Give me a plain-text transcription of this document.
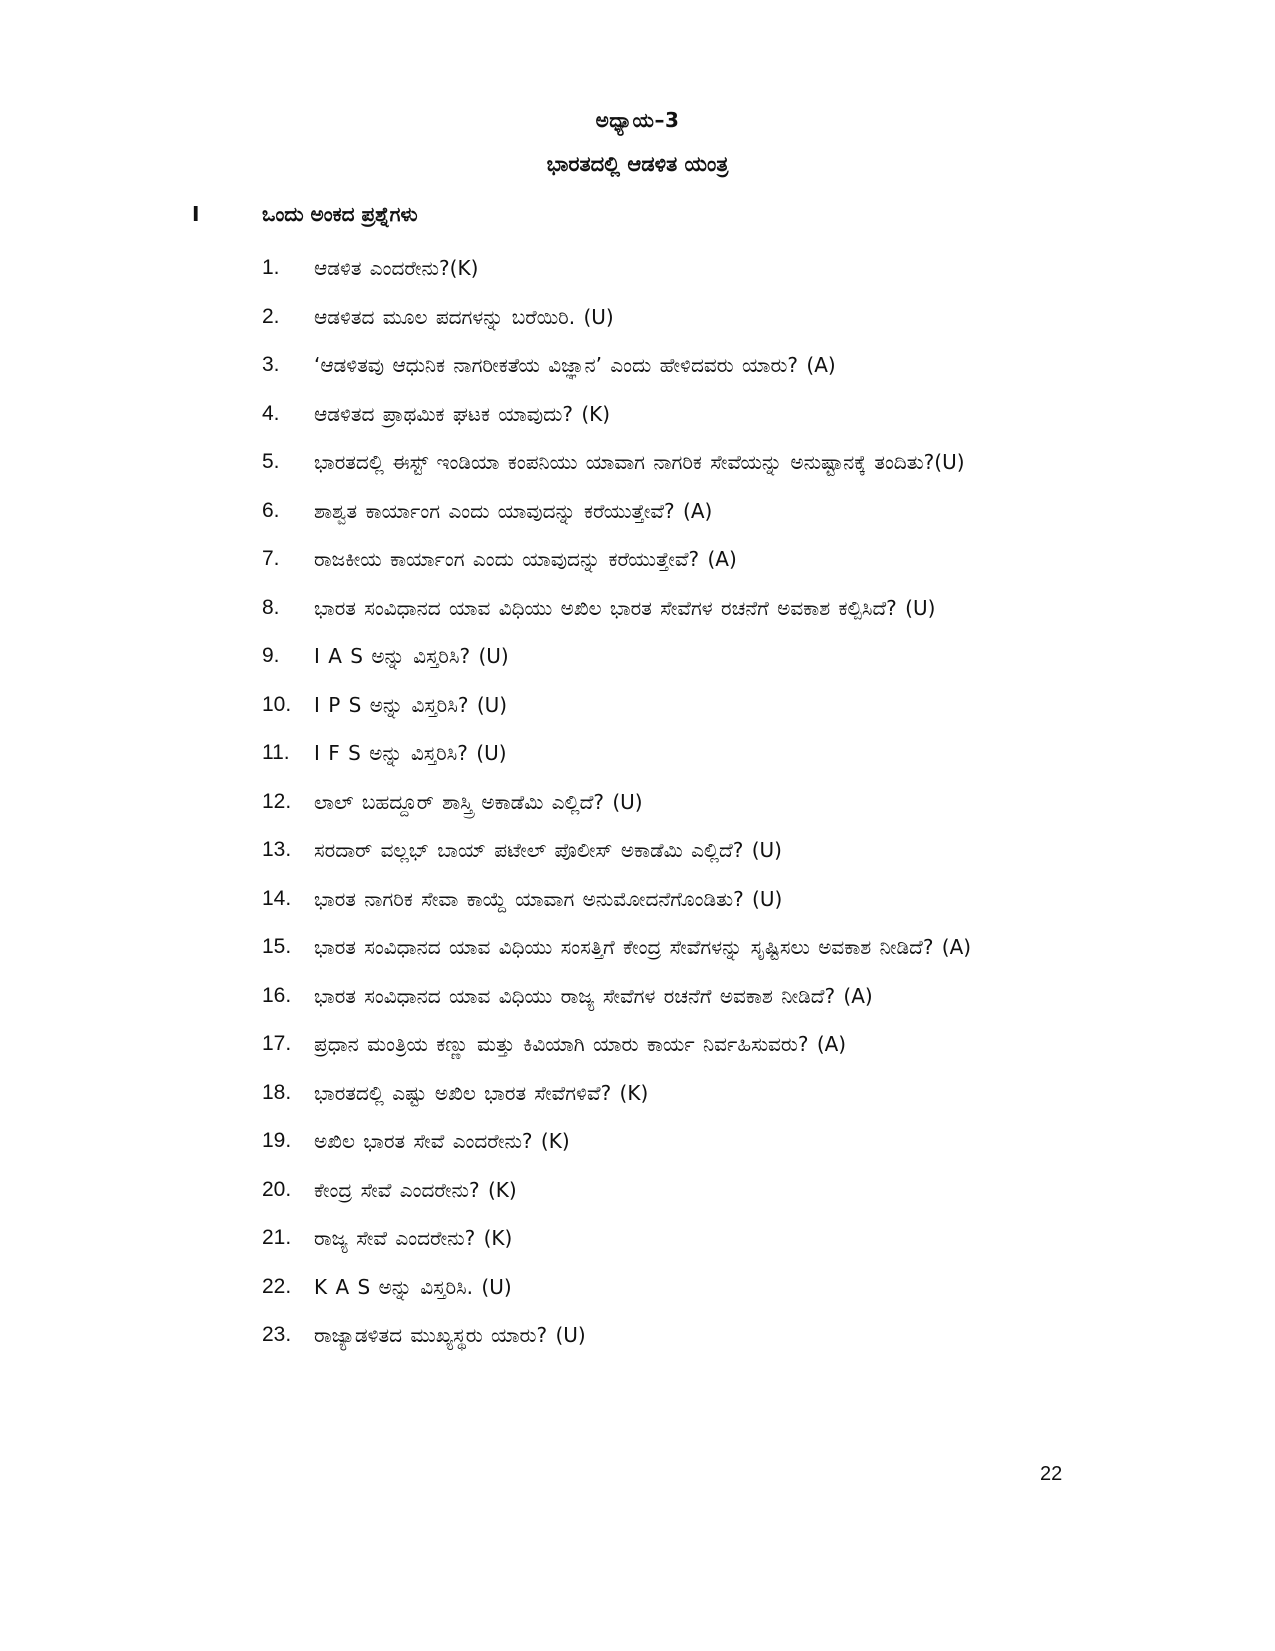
ಅಧ್ಯಾಯ–3
ಭಾರತದಲ್ಲಿ ಆಡಳಿತ ಯಂತ್ರ
I	ಒಂದು ಅಂಕದ ಪ್ರಶ್ನೆಗಳು
1.	ಆಡಳಿತ ಎಂದರೇನು?(K)
2.	ಆಡಳಿತದ ಮೂಲ ಪದಗಳನ್ನು ಬರೆಯಿರಿ. (U)
3.	‘ಆಡಳಿತವು ಆಧುನಿಕ ನಾಗರೀಕತೆಯ ವಿಜ್ಞಾನ’ ಎಂದು ಹೇಳಿದವರು ಯಾರು? (A)
4.	ಆಡಳಿತದ ಪ್ರಾಥಮಿಕ ಘಟಕ ಯಾವುದು? (K)
5.	ಭಾರತದಲ್ಲಿ ಈಸ್ಟ್ ಇಂಡಿಯಾ ಕಂಪನಿಯು ಯಾವಾಗ ನಾಗರಿಕ ಸೇವೆಯನ್ನು ಅನುಷ್ಟಾನಕ್ಕೆ ತಂದಿತು?(U)
6.	ಶಾಶ್ವತ ಕಾರ್ಯಾಂಗ ಎಂದು ಯಾವುದನ್ನು ಕರೆಯುತ್ತೇವೆ? (A)
7.	ರಾಜಕೀಯ ಕಾರ್ಯಾಂಗ ಎಂದು ಯಾವುದನ್ನು ಕರೆಯುತ್ತೇವೆ? (A)
8.	ಭಾರತ ಸಂವಿಧಾನದ ಯಾವ ವಿಧಿಯು ಅಖಿಲ ಭಾರತ ಸೇವೆಗಳ ರಚನೆಗೆ ಅವಕಾಶ ಕಲ್ಪಿಸಿದೆ? (U)
9.	I A S ಅನ್ನು ವಿಸ್ತರಿಸಿ? (U)
10.	I P S ಅನ್ನು ವಿಸ್ತರಿಸಿ? (U)
11.	I F S ಅನ್ನು ವಿಸ್ತರಿಸಿ? (U)
12.	ಲಾಲ್ ಬಹದ್ದೂರ್ ಶಾಸ್ತ್ರಿ ಅಕಾಡೆಮಿ ಎಲ್ಲಿದೆ? (U)
13.	ಸರದಾರ್ ವಲ್ಲಭ್ ಬಾಯ್ ಪಟೇಲ್ ಪೊಲೀಸ್ ಅಕಾಡೆಮಿ ಎಲ್ಲಿದೆ? (U)
14.	ಭಾರತ ನಾಗರಿಕ ಸೇವಾ ಕಾಯ್ದೆ ಯಾವಾಗ ಅನುಮೋದನೆಗೊಂಡಿತು? (U)
15.	ಭಾರತ ಸಂವಿಧಾನದ ಯಾವ ವಿಧಿಯು ಸಂಸತ್ತಿಗೆ ಕೇಂದ್ರ ಸೇವೆಗಳನ್ನು ಸೃಷ್ಟಿಸಲು ಅವಕಾಶ ನೀಡಿದೆ? (A)
16.	ಭಾರತ ಸಂವಿಧಾನದ ಯಾವ ವಿಧಿಯು ರಾಜ್ಯ ಸೇವೆಗಳ ರಚನೆಗೆ ಅವಕಾಶ ನೀಡಿದೆ? (A)
17.	ಪ್ರಧಾನ ಮಂತ್ರಿಯ ಕಣ್ಣು ಮತ್ತು ಕಿವಿಯಾಗಿ ಯಾರು ಕಾರ್ಯ ನಿರ್ವಹಿಸುವರು? (A)
18.	ಭಾರತದಲ್ಲಿ ಎಷ್ಟು ಅಖಿಲ ಭಾರತ ಸೇವೆಗಳಿವೆ? (K)
19.	ಅಖಿಲ ಭಾರತ ಸೇವೆ ಎಂದರೇನು? (K)
20.	ಕೇಂದ್ರ ಸೇವೆ ಎಂದರೇನು? (K)
21.	ರಾಜ್ಯ ಸೇವೆ ಎಂದರೇನು? (K)
22.	K A S ಅನ್ನು ವಿಸ್ತರಿಸಿ. (U)
23.	ರಾಜ್ಯಾಡಳಿತದ ಮುಖ್ಯಸ್ಥರು ಯಾರು? (U)
22
